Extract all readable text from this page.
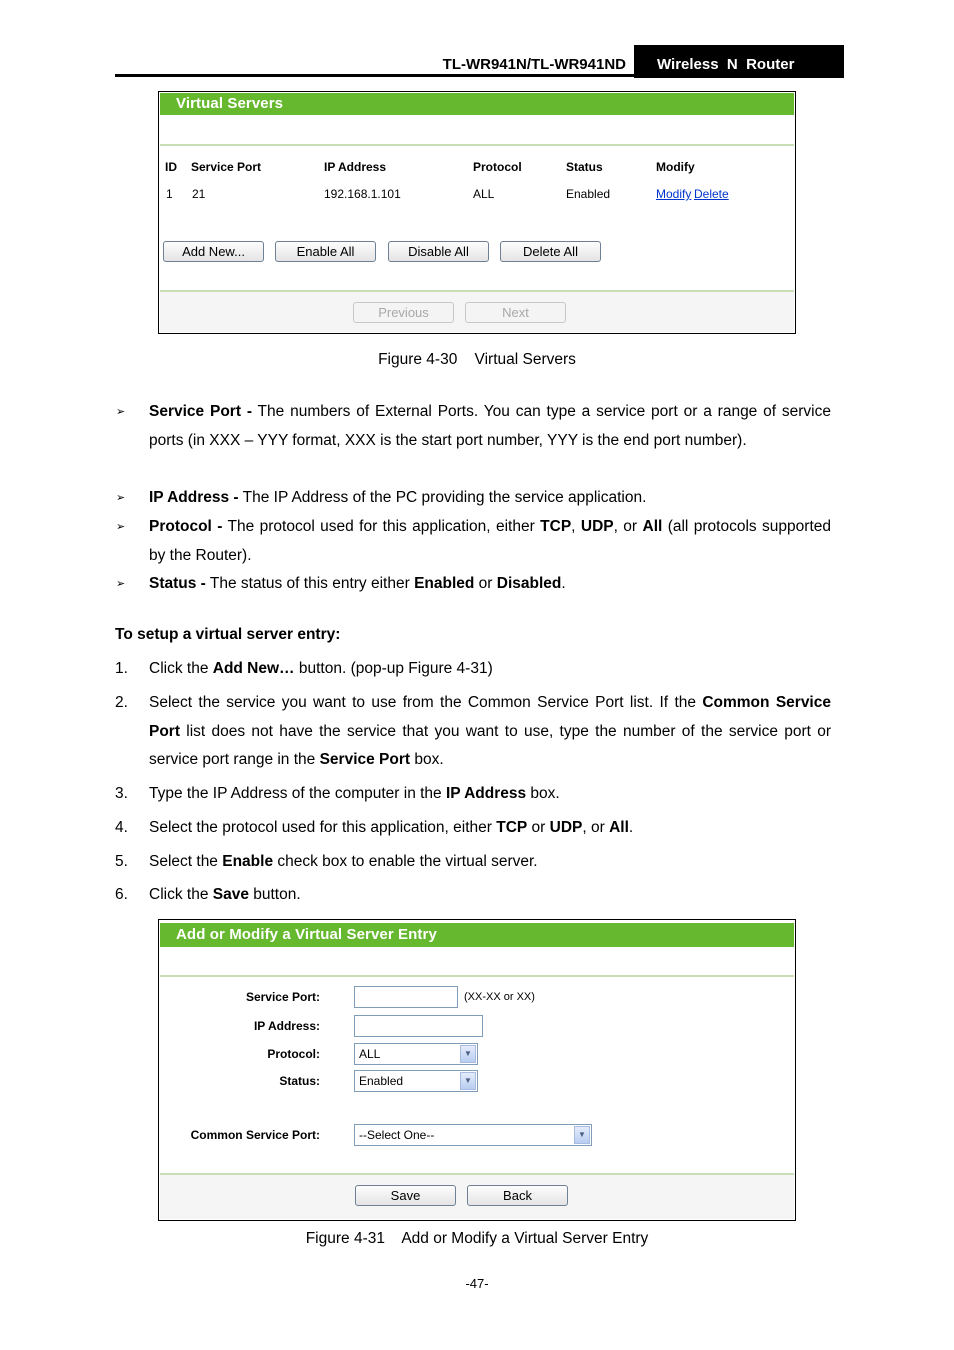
TL-WR941N/TL-WR941ND	Wireless  N  Router
Virtual Servers
ID Service Port	IP Address	Protocol	Status	Modify
1 21	192.168.1.101	ALL	Enabled	Modify Delete
Add New...	Enable All	Disable All	Delete All
Previous	Next
Figure 4-30    Virtual Servers
➢ Service Port - The numbers of External Ports. You can type a service port or a range of service ports (in XXX – YYY format, XXX is the start port number, YYY is the end port number).
➢ IP Address - The IP Address of the PC providing the service application.
➢ Protocol - The protocol used for this application, either TCP, UDP, or All (all protocols supported by the Router).
➢ Status - The status of this entry either Enabled or Disabled.
To setup a virtual server entry:
1. Click the Add New… button. (pop-up Figure 4-31)
2. Select the service you want to use from the Common Service Port list. If the Common Service Port list does not have the service that you want to use, type the number of the service port or service port range in the Service Port box.
3. Type the IP Address of the computer in the IP Address box.
4. Select the protocol used for this application, either TCP or UDP, or All.
5. Select the Enable check box to enable the virtual server.
6. Click the Save button.
Add or Modify a Virtual Server Entry
Service Port:	(XX-XX or XX)
IP Address:
Protocol:	ALL	▼
Status:	Enabled	▼
Common Service Port:	--Select One--	▼
Save	Back
Figure 4-31    Add or Modify a Virtual Server Entry
-47-
